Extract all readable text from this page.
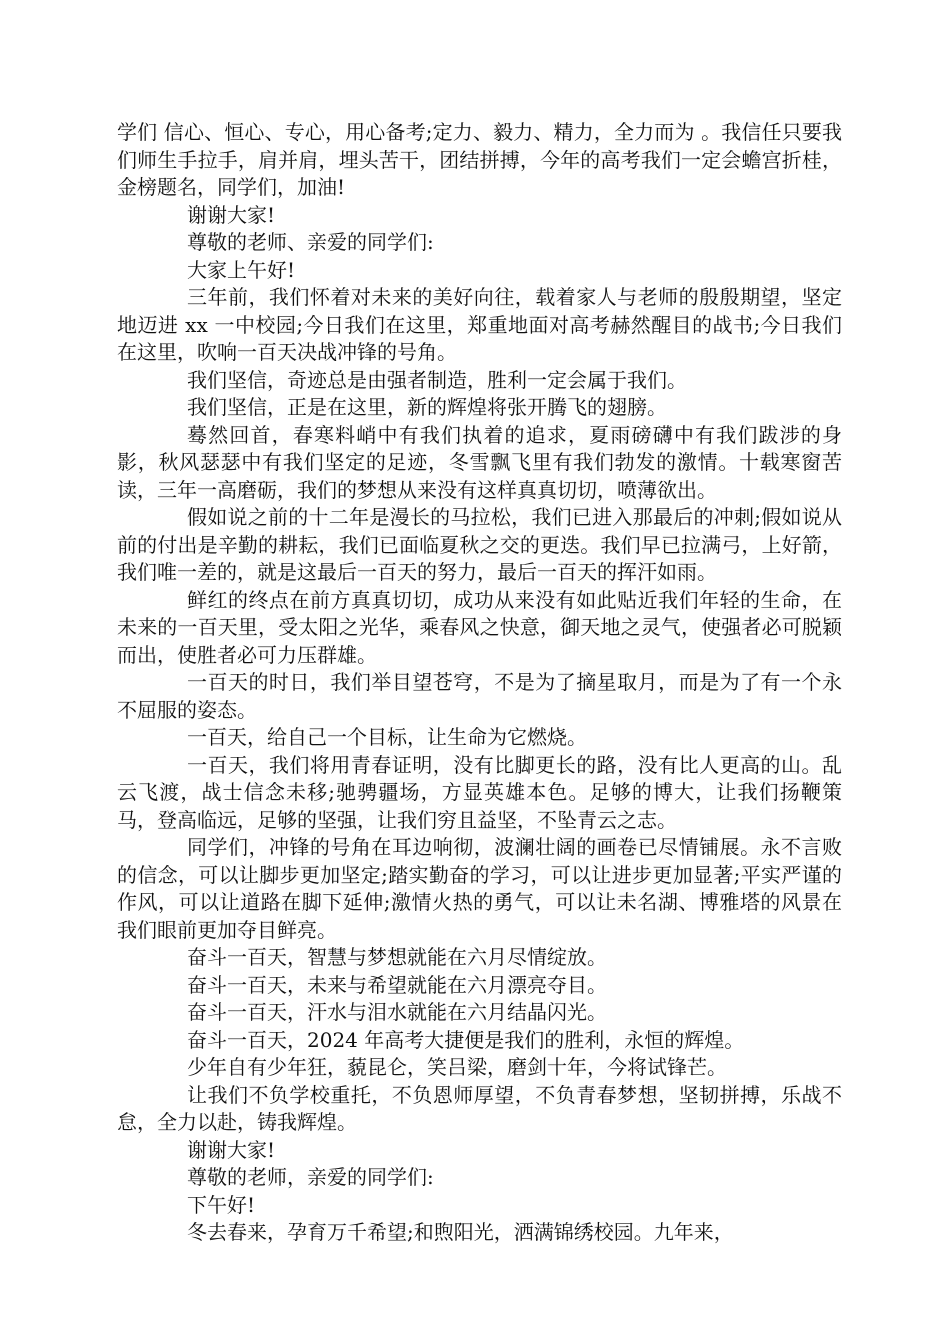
学们 信心、恒心、专心，用心备考;定力、毅力、精力，全力而为 。我信任只要我们师生手拉手，肩并肩，埋头苦干，团结拼搏，今年的高考我们一定会蟾宫折桂，金榜题名，同学们，加油!

谢谢大家!

尊敬的老师、亲爱的同学们:

大家上午好!

三年前，我们怀着对未来的美好向往，载着家人与老师的殷殷期望，坚定地迈进 xx 一中校园;今日我们在这里，郑重地面对高考赫然醒目的战书;今日我们在这里，吹响一百天决战冲锋的号角。

我们坚信，奇迹总是由强者制造，胜利一定会属于我们。

我们坚信，正是在这里，新的辉煌将张开腾飞的翅膀。

蓦然回首，春寒料峭中有我们执着的追求，夏雨磅礴中有我们跋涉的身影，秋风瑟瑟中有我们坚定的足迹，冬雪飘飞里有我们勃发的激情。十载寒窗苦读，三年一高磨砺，我们的梦想从来没有这样真真切切，喷薄欲出。

假如说之前的十二年是漫长的马拉松，我们已进入那最后的冲刺;假如说从前的付出是辛勤的耕耘，我们已面临夏秋之交的更迭。我们早已拉满弓，上好箭，我们唯一差的，就是这最后一百天的努力，最后一百天的挥汗如雨。

鲜红的终点在前方真真切切，成功从来没有如此贴近我们年轻的生命，在未来的一百天里，受太阳之光华，乘春风之快意，御天地之灵气，使强者必可脱颖而出，使胜者必可力压群雄。

一百天的时日，我们举目望苍穹，不是为了摘星取月，而是为了有一个永不屈服的姿态。

一百天，给自己一个目标，让生命为它燃烧。

一百天，我们将用青春证明，没有比脚更长的路，没有比人更高的山。乱云飞渡，战士信念未移;驰骋疆场，方显英雄本色。足够的博大，让我们扬鞭策马，登高临远，足够的坚强，让我们穷且益坚，不坠青云之志。

同学们，冲锋的号角在耳边响彻，波澜壮阔的画卷已尽情铺展。永不言败的信念，可以让脚步更加坚定;踏实勤奋的学习，可以让进步更加显著;平实严谨的作风，可以让道路在脚下延伸;激情火热的勇气，可以让未名湖、博雅塔的风景在我们眼前更加夺目鲜亮。

奋斗一百天，智慧与梦想就能在六月尽情绽放。

奋斗一百天，未来与希望就能在六月漂亮夺目。

奋斗一百天，汗水与泪水就能在六月结晶闪光。

奋斗一百天，2024 年高考大捷便是我们的胜利，永恒的辉煌。

少年自有少年狂，藐昆仑，笑吕梁，磨剑十年，今将试锋芒。

让我们不负学校重托，不负恩师厚望，不负青春梦想，坚韧拼搏，乐战不怠，全力以赴，铸我辉煌。

谢谢大家!

尊敬的老师，亲爱的同学们:

下午好!

冬去春来，孕育万千希望;和煦阳光，洒满锦绣校园。九年来，
